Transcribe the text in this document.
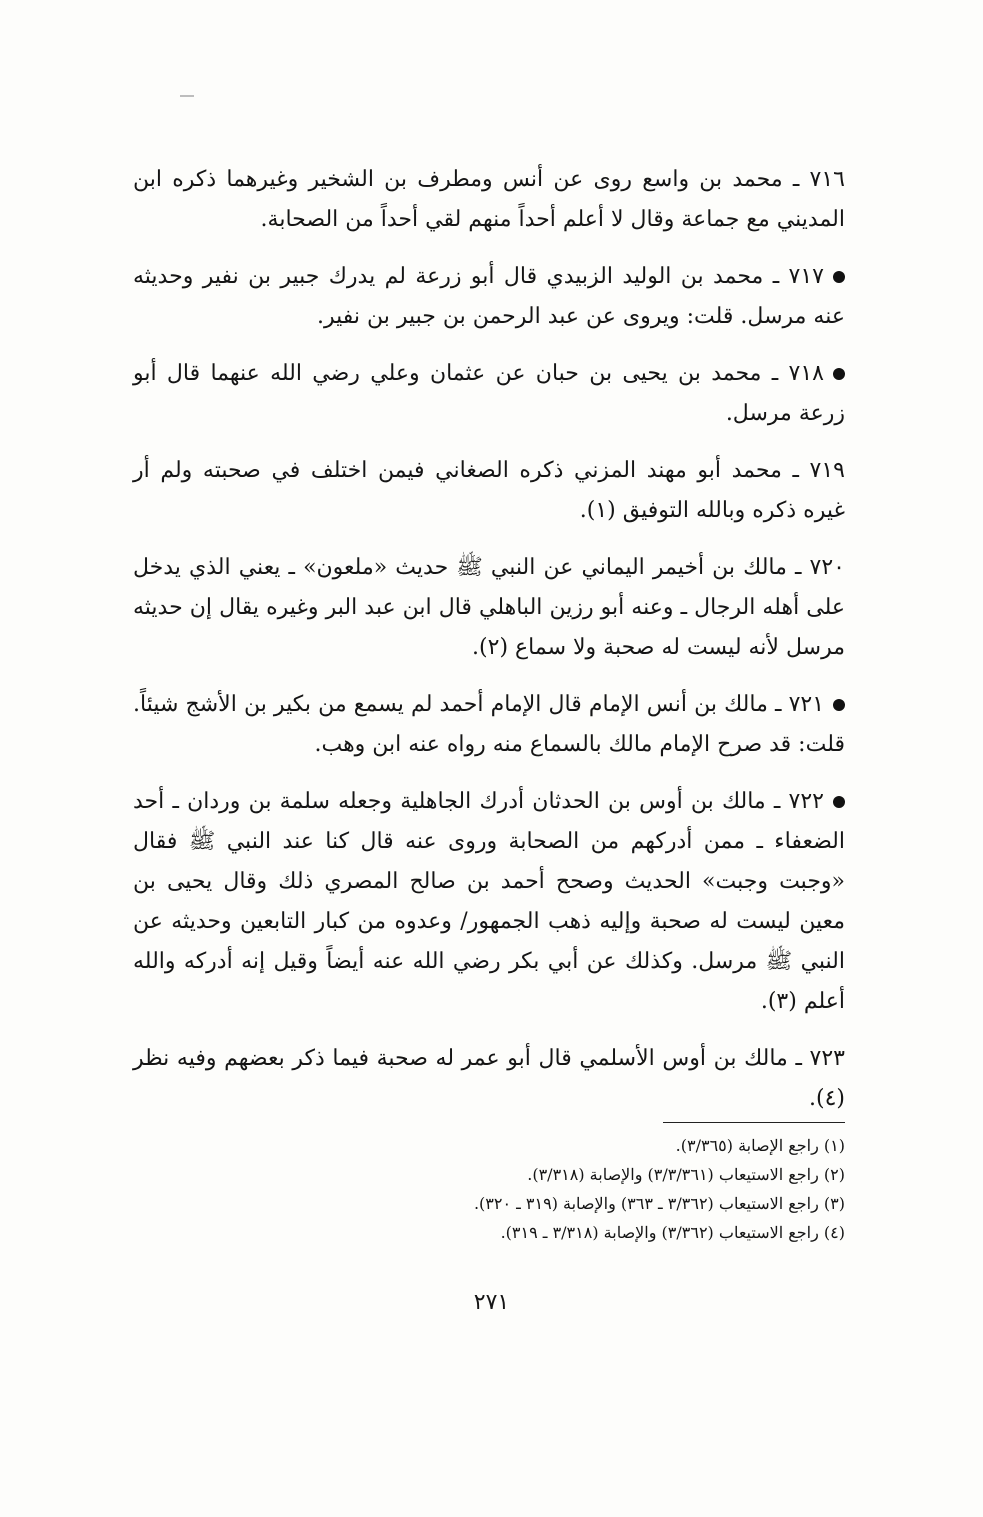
٧١٦ ـ محمد بن واسع روى عن أنس ومطرف بن الشخير وغيرهما ذكره ابن المديني مع جماعة وقال لا أعلم أحداً منهم لقي أحداً من الصحابة.

٧١٧ ـ محمد بن الوليد الزبيدي قال أبو زرعة لم يدرك جبير بن نفير وحديثه عنه مرسل. قلت: ويروى عن عبد الرحمن بن جبير بن نفير.

٧١٨ ـ محمد بن يحيى بن حبان عن عثمان وعلي رضي الله عنهما قال أبو زرعة مرسل.

٧١٩ ـ محمد أبو مهند المزني ذكره الصغاني فيمن اختلف في صحبته ولم أر غيره ذكره وبالله التوفيق (١).

٧٢٠ ـ مالك بن أخيمر اليماني عن النبي ﷺ حديث «ملعون» ـ يعني الذي يدخل على أهله الرجال ـ وعنه أبو رزين الباهلي قال ابن عبد البر وغيره يقال إن حديثه مرسل لأنه ليست له صحبة ولا سماع (٢).

٧٢١ ـ مالك بن أنس الإمام قال الإمام أحمد لم يسمع من بكير بن الأشج شيئاً. قلت: قد صرح الإمام مالك بالسماع منه رواه عنه ابن وهب.

٧٢٢ ـ مالك بن أوس بن الحدثان أدرك الجاهلية وجعله سلمة بن وردان ـ أحد الضعفاء ـ ممن أدركهم من الصحابة وروى عنه قال كنا عند النبي ﷺ فقال «وجبت وجبت» الحديث وصحح أحمد بن صالح المصري ذلك وقال يحيى بن معين ليست له صحبة وإليه ذهب الجمهور/ وعدوه من كبار التابعين وحديثه عن النبي ﷺ مرسل. وكذلك عن أبي بكر رضي الله عنه أيضاً وقيل إنه أدركه والله أعلم (٣).

٧٢٣ ـ مالك بن أوس الأسلمي قال أبو عمر له صحبة فيما ذكر بعضهم وفيه نظر (٤).

(١) راجع الإصابة (٣/٣٦٥).

(٢) راجع الاستيعاب (٣/٣/٣٦١) والإصابة (٣/٣١٨).

(٣) راجع الاستيعاب (٣/٣٦٢ ـ ٣٦٣) والإصابة (٣١٩ ـ ٣٢٠).

(٤) راجع الاستيعاب (٣/٣٦٢) والإصابة (٣/٣١٨ ـ ٣١٩).

٢٧١
